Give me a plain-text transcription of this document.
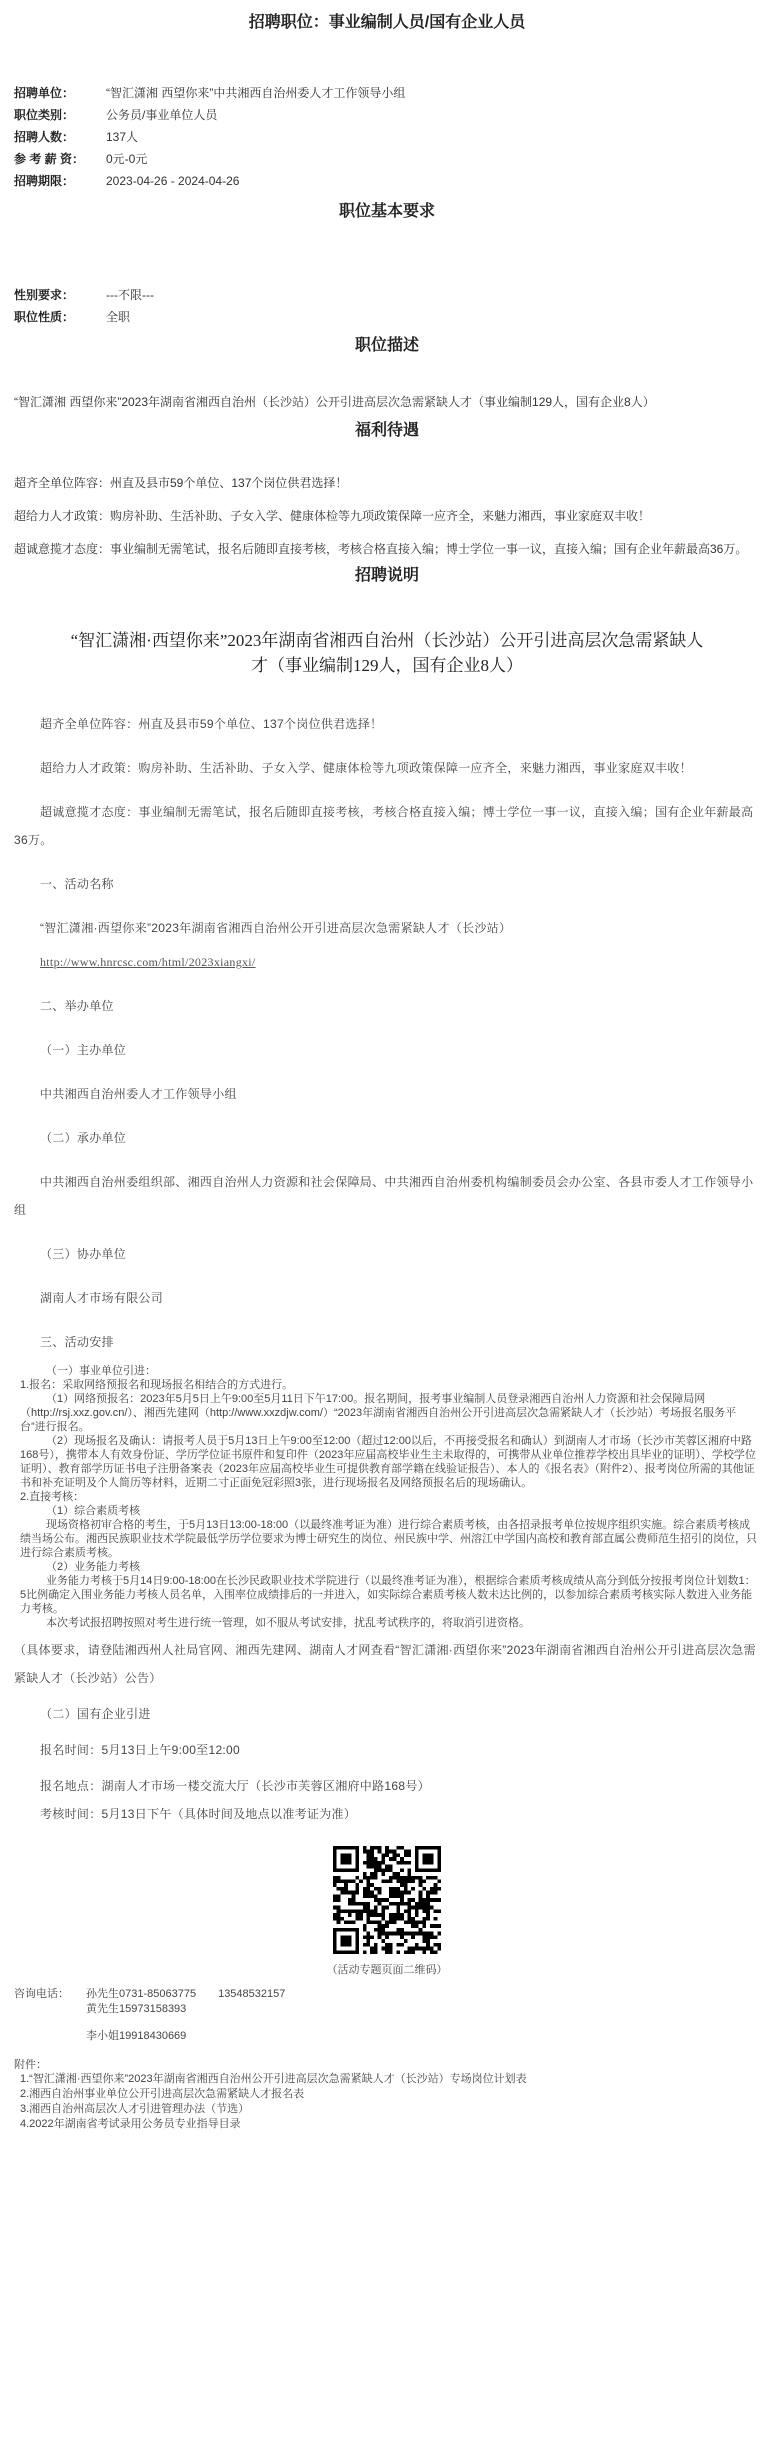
招聘职位：事业编制人员/国有企业人员
招聘单位：	“智汇潇湘 西望你来”中共湘西自治州委人才工作领导小组
职位类别：	公务员/事业单位人员
招聘人数：	137人
参 考 薪 资：	0元-0元
招聘期限：	2023-04-26 - 2024-04-26
职位基本要求
性别要求：	---不限---
职位性质：	全职
职位描述

“智汇潇湘 西望你来”2023年湖南省湘西自治州（长沙站）公开引进高层次急需紧缺人才（事业编制129人，国有企业8人）

福利待遇

超齐全单位阵容：州直及县市59个单位、137个岗位供君选择！

超给力人才政策：购房补助、生活补助、子女入学、健康体检等九项政策保障一应齐全，来魅力湘西，事业家庭双丰收！

超诚意揽才态度：事业编制无需笔试，报名后随即直接考核，考核合格直接入编；博士学位一事一议，直接入编；国有企业年薪最高36万。

招聘说明
“智汇潇湘·西望你来”2023年湖南省湘西自治州（长沙站）公开引进高层次急需紧缺人才（事业编制129人，国有企业8人）

超齐全单位阵容：州直及县市59个单位、137个岗位供君选择！

超给力人才政策：购房补助、生活补助、子女入学、健康体检等九项政策保障一应齐全，来魅力湘西，事业家庭双丰收！

超诚意揽才态度：事业编制无需笔试，报名后随即直接考核，考核合格直接入编；博士学位一事一议，直接入编；国有企业年薪最高36万。

一、活动名称

“智汇潇湘·西望你来”2023年湖南省湘西自治州公开引进高层次急需紧缺人才（长沙站）

http://www.hnrcsc.com/html/2023xiangxi/

二、举办单位

（一）主办单位

中共湘西自治州委人才工作领导小组

（二）承办单位

中共湘西自治州委组织部、湘西自治州人力资源和社会保障局、中共湘西自治州委机构编制委员会办公室、各县市委人才工作领导小组

（三）协办单位

湖南人才市场有限公司

三、活动安排

（一）事业单位引进：

1.报名：采取网络预报名和现场报名相结合的方式进行。

（1）网络预报名：2023年5月5日上午9:00至5月11日下午17:00。报名期间，报考事业编制人员登录湘西自治州人力资源和社会保障局网（http://rsj.xxz.gov.cn/）、湘西先建网（http://www.xxzdjw.com/）“2023年湖南省湘西自治州公开引进高层次急需紧缺人才（长沙站）考场报名服务平台”进行报名。

（2）现场报名及确认：请报考人员于5月13日上午9:00至12:00（超过12:00以后，不再接受报名和确认）到湖南人才市场（长沙市芙蓉区湘府中路168号），携带本人有效身份证、学历学位证书原件和复印件（2023年应届高校毕业生主未取得的，可携带从业单位推荐学校出具毕业的证明）、学校学位证明）、教育部学历证书电子注册备案表（2023年应届高校毕业生可提供教育部学籍在线验证报告）、本人的《报名表》（附件2）、报考岗位所需的其他证书和补充证明及个人简历等材料，近期二寸正面免冠彩照3张，进行现场报名及网络预报名后的现场确认。

2.直接考核：

（1）综合素质考核

现场资格初审合格的考生，于5月13日13:00-18:00（以最终准考证为准）进行综合素质考核，由各招录报考单位按规序组织实施。综合素质考核成绩当场公布。湘西民族职业技术学院最低学历学位要求为博士研究生的岗位、州民族中学、州溶江中学国内高校和教育部直属公费师范生招引的岗位，只进行综合素质考核。

（2）业务能力考核

业务能力考核于5月14日9:00-18:00在长沙民政职业技术学院进行（以最终准考证为准），根据综合素质考核成绩从高分到低分按报考岗位计划数1：5比例确定入围业务能力考核人员名单，入围率位成绩排后的一并进入，如实际综合素质考核人数未达比例的，以参加综合素质考核实际人数进入业务能力考核。

本次考试报招聘按照对考生进行统一管理，如不服从考试安排，扰乱考试秩序的，将取消引进资格。

（具体要求，请登陆湘西州人社局官网、湘西先建网、湖南人才网查看“智汇潇湘·西望你来”2023年湖南省湘西自治州公开引进高层次急需紧缺人才（长沙站）公告）

（二）国有企业引进

报名时间：5月13日上午9:00至12:00

报名地点：湖南人才市场一楼交流大厅（长沙市芙蓉区湘府中路168号）

考核时间：5月13日下午（具体时间及地点以准考证为准）

（活动专题页面二维码）
咨询电话：	孙先生0731-85063775　　13548532157
黄先生15973158393
李小姐19918430669
附件：
1.“智汇潇湘·西望你来”2023年湖南省湘西自治州公开引进高层次急需紧缺人才（长沙站）专场岗位计划表
2.湘西自治州事业单位公开引进高层次急需紧缺人才报名表
3.湘西自治州高层次人才引进管理办法（节选）
4.2022年湖南省考试录用公务员专业指导目录
